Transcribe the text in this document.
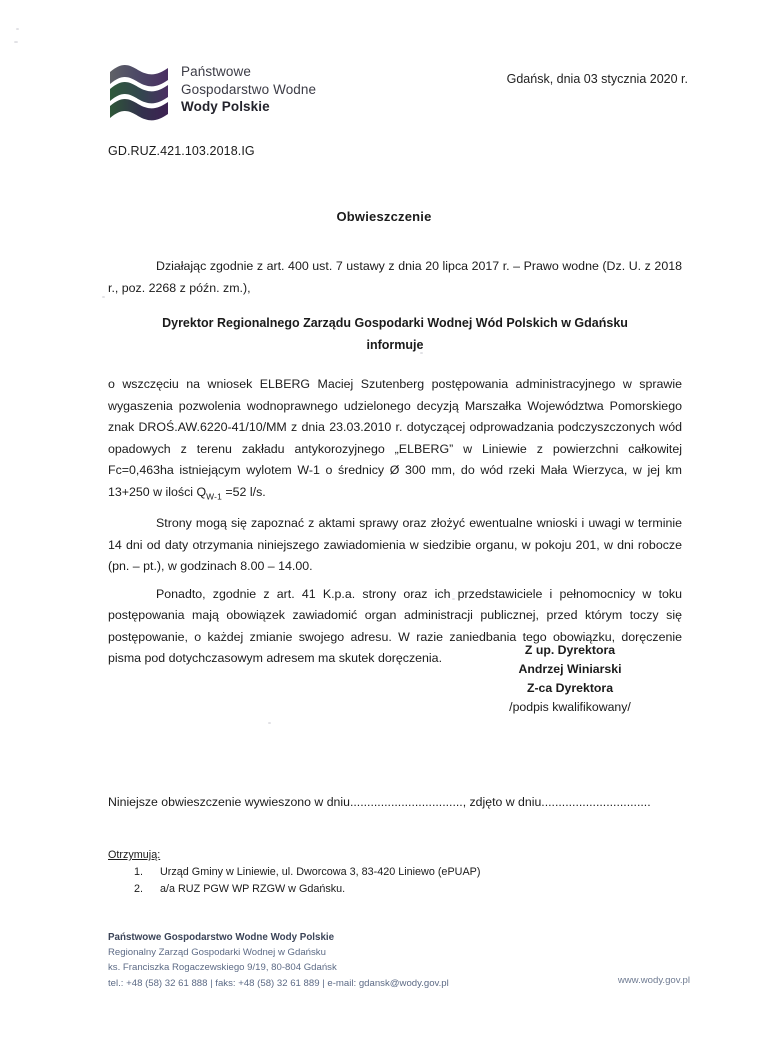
Państwowe
Gospodarstwo Wodne
Wody Polskie
Gdańsk, dnia 03 stycznia 2020 r.
GD.RUZ.421.103.2018.IG
Obwieszczenie

Działając zgodnie z art. 400 ust. 7 ustawy z dnia 20 lipca 2017 r. – Prawo wodne (Dz. U. z 2018 r., poz. 2268 z późn. zm.),

Dyrektor Regionalnego Zarządu Gospodarki Wodnej Wód Polskich w Gdańsku
informuje

o wszczęciu na wniosek ELBERG Maciej Szutenberg postępowania administracyjnego w sprawie wygaszenia pozwolenia wodnoprawnego udzielonego decyzją Marszałka Województwa Pomorskiego znak DROŚ.AW.6220-41/10/MM z dnia 23.03.2010 r. dotyczącej odprowadzania podczyszczonych wód opadowych z terenu zakładu antykorozyjnego „ELBERG” w Liniewie z powierzchni całkowitej Fc=0,463ha istniejącym wylotem W-1 o średnicy Ø 300 mm, do wód rzeki Mała Wierzyca, w jej km 13+250 w ilości $Q_{W-1} =52$ l/s.

Strony mogą się zapoznać z aktami sprawy oraz złożyć ewentualne wnioski i uwagi w terminie 14 dni od daty otrzymania niniejszego zawiadomienia w siedzibie organu, w pokoju 201, w dni robocze (pn. – pt.), w godzinach 8.00 – 14.00.

Ponadto, zgodnie z art. 41 K.p.a. strony oraz ich przedstawiciele i pełnomocnicy w toku postępowania mają obowiązek zawiadomić organ administracji publicznej, przed którym toczy się postępowanie, o każdej zmianie swojego adresu. W razie zaniedbania tego obowiązku, doręczenie pisma pod dotychczasowym adresem ma skutek doręczenia.

Z up. Dyrektora
Andrzej Winiarski
Z-ca Dyrektora
/podpis kwalifikowany/
Niniejsze obwieszczenie wywieszono w dniu................................., zdjęto w dniu................................
Otrzymują:
1. Urząd Gminy w Liniewie, ul. Dworcowa 3, 83-420 Liniewo (ePUAP)
2. a/a RUZ PGW WP RZGW w Gdańsku.
Państwowe Gospodarstwo Wodne Wody Polskie
Regionalny Zarząd Gospodarki Wodnej w Gdańsku
ks. Franciszka Rogaczewskiego 9/19, 80-804 Gdańsk
tel.: +48 (58) 32 61 888 | faks: +48 (58) 32 61 889 | e-mail: gdansk@wody.gov.pl	www.wody.gov.pl
